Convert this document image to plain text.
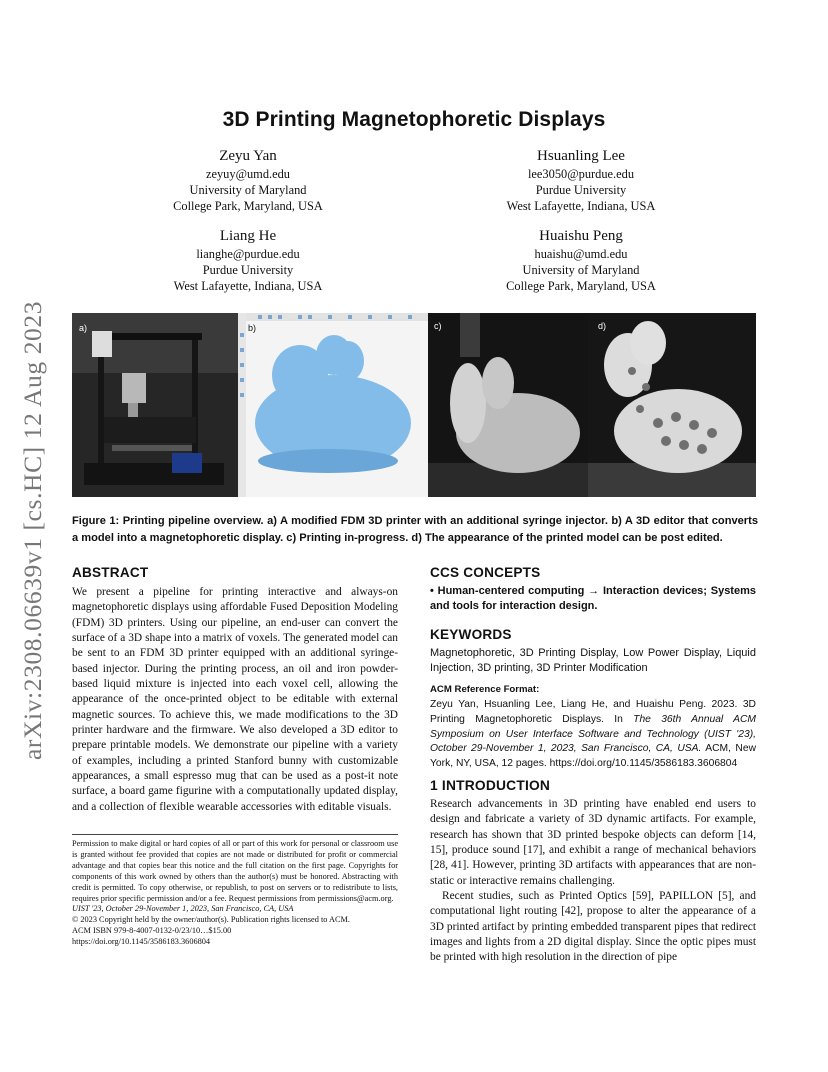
arXiv:2308.06639v1 [cs.HC] 12 Aug 2023
3D Printing Magnetophoretic Displays
Zeyu Yan
zeyuy@umd.edu
University of Maryland
College Park, Maryland, USA
Hsuanling Lee
lee3050@purdue.edu
Purdue University
West Lafayette, Indiana, USA
Liang He
lianghe@purdue.edu
Purdue University
West Lafayette, Indiana, USA
Huaishu Peng
huaishu@umd.edu
University of Maryland
College Park, Maryland, USA
a)	b)	c)	d)
Figure 1: Printing pipeline overview. a) A modified FDM 3D printer with an additional syringe injector. b) A 3D editor that converts a model into a magnetophoretic display. c) Printing in-progress. d) The appearance of the printed model can be post edited.
ABSTRACT
We present a pipeline for printing interactive and always-on magnetophoretic displays using affordable Fused Deposition Modeling (FDM) 3D printers. Using our pipeline, an end-user can convert the surface of a 3D shape into a matrix of voxels. The generated model can be sent to an FDM 3D printer equipped with an additional syringe-based injector. During the printing process, an oil and iron powder-based liquid mixture is injected into each voxel cell, allowing the appearance of the once-printed object to be editable with external magnetic sources. To achieve this, we made modifications to the 3D printer hardware and the firmware. We also developed a 3D editor to prepare printable models. We demonstrate our pipeline with a variety of examples, including a printed Stanford bunny with customizable appearances, a small espresso mug that can be used as a post-it note surface, a board game figurine with a computationally updated display, and a collection of flexible wearable accessories with editable visuals.
Permission to make digital or hard copies of all or part of this work for personal or classroom use is granted without fee provided that copies are not made or distributed for profit or commercial advantage and that copies bear this notice and the full citation on the first page. Copyrights for components of this work owned by others than the author(s) must be honored. Abstracting with credit is permitted. To copy otherwise, or republish, to post on servers or to redistribute to lists, requires prior specific permission and/or a fee. Request permissions from permissions@acm.org.
UIST '23, October 29-November 1, 2023, San Francisco, CA, USA
© 2023 Copyright held by the owner/author(s). Publication rights licensed to ACM.
ACM ISBN 979-8-4007-0132-0/23/10…$15.00
https://doi.org/10.1145/3586183.3606804
CCS CONCEPTS
• Human-centered computing → Interaction devices; Systems and tools for interaction design.
KEYWORDS
Magnetophoretic, 3D Printing Display, Low Power Display, Liquid Injection, 3D printing, 3D Printer Modification
ACM Reference Format:
Zeyu Yan, Hsuanling Lee, Liang He, and Huaishu Peng. 2023. 3D Printing Magnetophoretic Displays. In The 36th Annual ACM Symposium on User Interface Software and Technology (UIST '23), October 29-November 1, 2023, San Francisco, CA, USA. ACM, New York, NY, USA, 12 pages. https://doi.org/10.1145/3586183.3606804
1 INTRODUCTION
Research advancements in 3D printing have enabled end users to design and fabricate a variety of 3D dynamic artifacts. For example, research has shown that 3D printed bespoke objects can deform [14, 15], produce sound [17], and exhibit a range of mechanical behaviors [28, 41]. However, printing 3D artifacts with appearances that are non-static or interactive remains challenging.
Recent studies, such as Printed Optics [59], PAPILLON [5], and computational light routing [42], propose to alter the appearance of a 3D printed artifact by printing embedded transparent pipes that redirect images and lights from a 2D digital display. Since the optic pipes must be printed with high resolution in the direction of pipe
